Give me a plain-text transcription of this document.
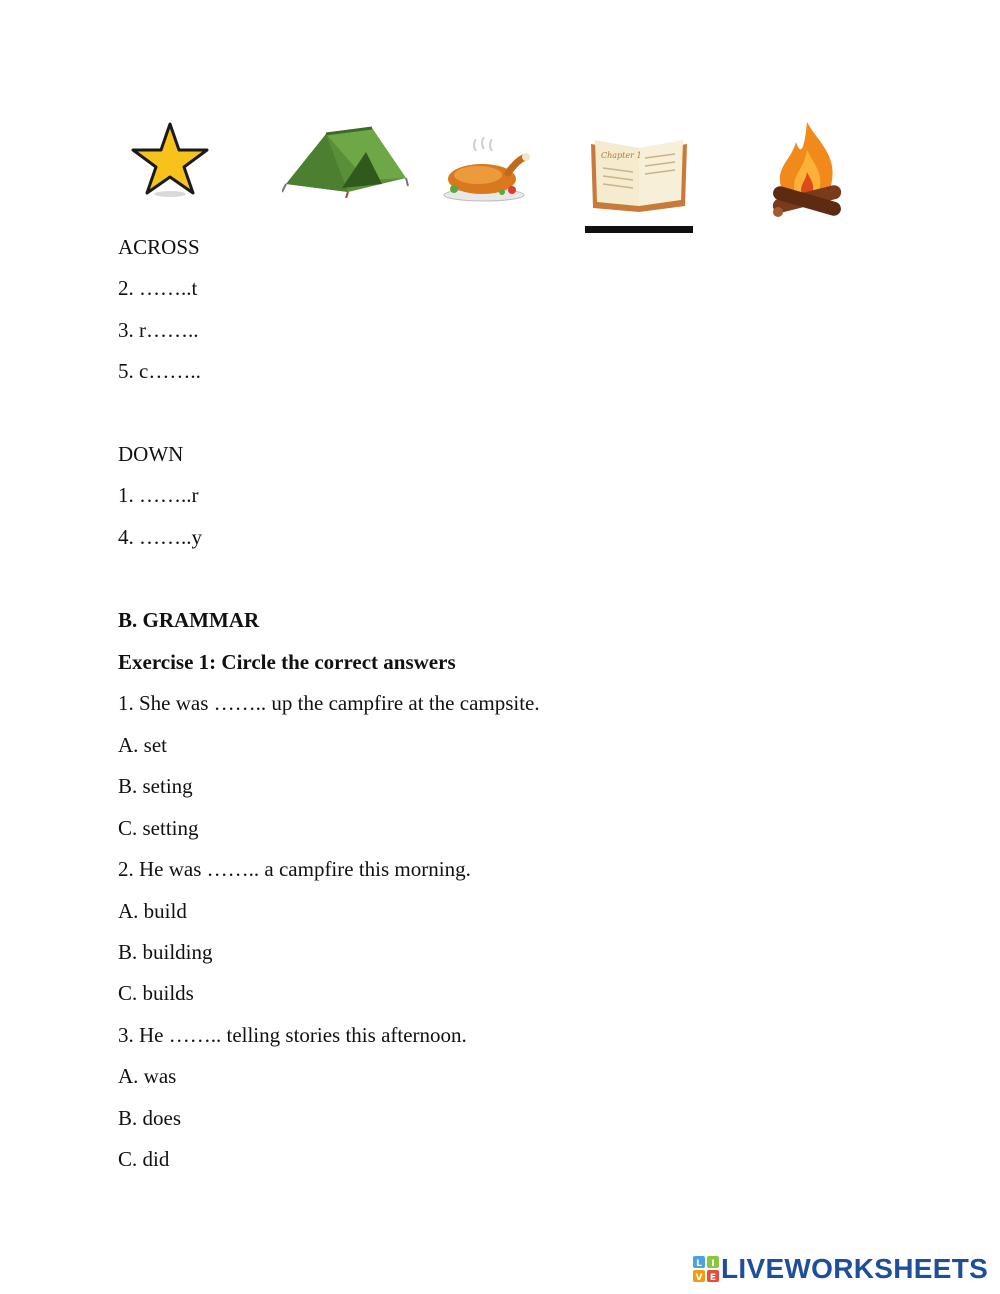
Chapter 1
ACROSS
2. ……..t
3. r……..
5. c……..
DOWN
1. ……..r
4. ……..y
B. GRAMMAR
Exercise 1: Circle the correct answers
1. She was …….. up the campfire at the campsite.
A. set
B. seting
C. setting
2. He was …….. a campfire this morning.
A. build
B. building
C. builds
3. He …….. telling stories this afternoon.
A. was
B. does
C. did
L I
V E LIVEWORKSHEETS
